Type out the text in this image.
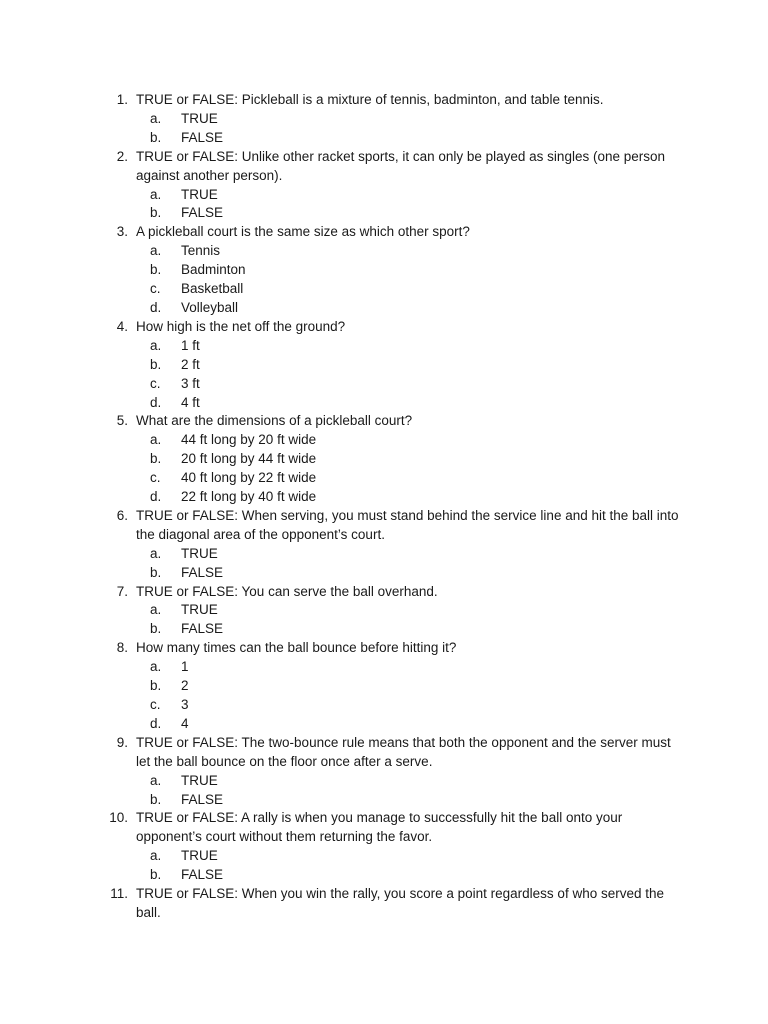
1. TRUE or FALSE: Pickleball is a mixture of tennis, badminton, and table tennis.
a.	TRUE
b.	FALSE
2. TRUE or FALSE: Unlike other racket sports, it can only be played as singles (one person against another person).
a.	TRUE
b.	FALSE
3. A pickleball court is the same size as which other sport?
a.	Tennis
b.	Badminton
c.	Basketball
d.	Volleyball
4. How high is the net off the ground?
a.	1 ft
b.	2 ft
c.	3 ft
d.	4 ft
5. What are the dimensions of a pickleball court?
a.	44 ft long by 20 ft wide
b.	20 ft long by 44 ft wide
c.	40 ft long by 22 ft wide
d.	22 ft long by 40 ft wide
6. TRUE or FALSE: When serving, you must stand behind the service line and hit the ball into the diagonal area of the opponent’s court.
a.	TRUE
b.	FALSE
7. TRUE or FALSE: You can serve the ball overhand.
a.	TRUE
b.	FALSE
8. How many times can the ball bounce before hitting it?
a.	1
b.	2
c.	3
d.	4
9. TRUE or FALSE: The two-bounce rule means that both the opponent and the server must let the ball bounce on the floor once after a serve.
a.	TRUE
b.	FALSE
10. TRUE or FALSE: A rally is when you manage to successfully hit the ball onto your opponent’s court without them returning the favor.
a.	TRUE
b.	FALSE
11. TRUE or FALSE: When you win the rally, you score a point regardless of who served the ball.
